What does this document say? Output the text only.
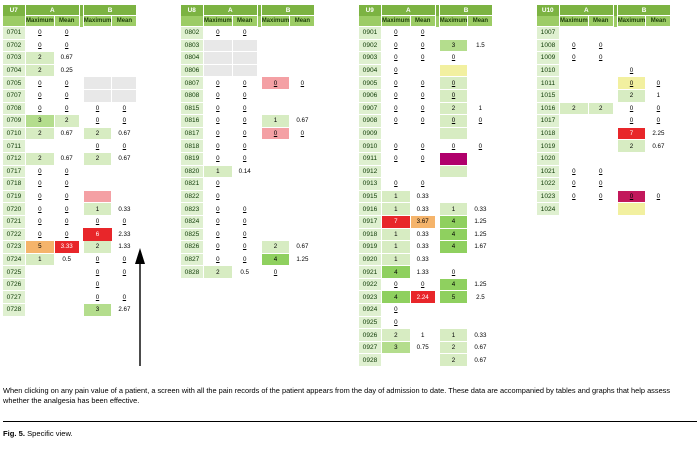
U7	A			B	
	Maximum	Mean		Maximum	Mean
0701	0	0			
0702	0	0			
0703	2	0.67			
0704	2	0.25			
0705	0	0			
0707	0	0			
0708	0	0		0	0
0709	3	2		0	0
0710	2	0.67		2	0.67
0711				0	0
0712	2	0.67		2	0.67
0717	0	0			
0718	0	0			
0719	0	0			
0720	0	0		1	0.33
0721	0	0		0	0
0722	0	0		6	2.33
0723	5	3.33		2	1.33
0724	1	0.5		0	0
0725				0	0
0726				0	
0727				0	0
0728				3	2.67
U8	A			B	
	Maximum	Mean		Maximum	Mean
0802	0	0			
0803					
0804					
0806					
0807	0	0		0	0
0808	0	0			
0815	0	0			
0816	0	0		1	0.67
0817	0	0		0	0
0818	0	0			
0819	0	0			
0820	1	0.14			
0821	0				
0822	0				
0823	0	0			
0824	0	0			
0825	0	0			
0826	0	0		2	0.67
0827	0	0		4	1.25
0828	2	0.5		0	
U9	A			B	
	Maximum	Mean		Maximum	Mean
0901	0	0			
0902	0	0		3	1.5
0903	0	0		0	
0904	0				
0905	0	0		0	
0906	0	0		0	
0907	0	0		2	1
0908	0	0		0	0
0909					
0910	0	0		0	0
0911	0	0			
0912					
0913	0	0			
0915	1	0.33			
0916	1	0.33		1	0.33
0917	7	3.67		4	1.25
0918	1	0.33		4	1.25
0919	1	0.33		4	1.67
0920	1	0.33			
0921	4	1.33		0	
0922	0	0		4	1.25
0923	4	2.24		5	2.5
0924	0				
0925	0				
0926	2	1		1	0.33
0927	3	0.75		2	0.67
0928				2	0.67
U10	A			B	
	Maximum	Mean		Maximum	Mean
1007					
1008	0	0			
1009	0	0			
1010				0	
1011				0	0
1015				2	1
1016	2	2		0	0
1017				0	0
1018				7	2.25
1019				2	0.67
1020					
1021	0	0			
1022	0	0			
1023	0	0		0	0
1024					
When clicking on any pain value of a patient, a screen with all the pain records of the patient appears from the day of admission to date. These data are accompanied by tables and graphs that help assess whether the analgesia has been effective.
Fig. 5. Specific view.
